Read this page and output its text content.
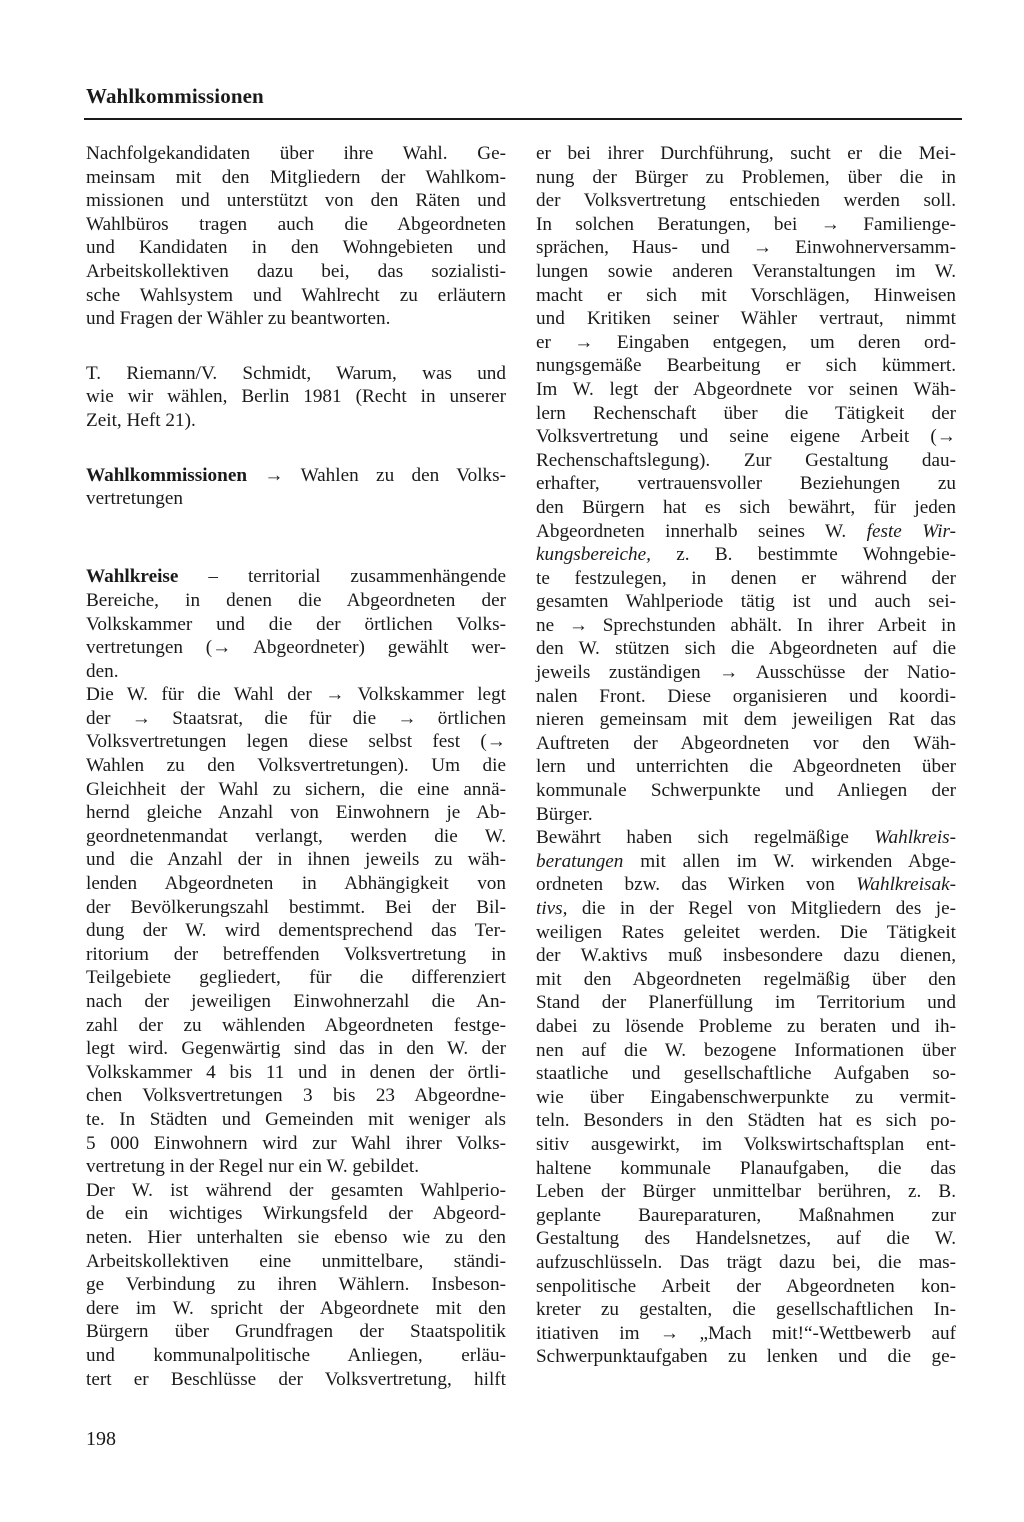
Wahlkommissionen

Nachfolgekandidaten über ihre Wahl. Ge-
meinsam mit den Mitgliedern der Wahlkom-
missionen und unterstützt von den Räten und
Wahlbüros tragen auch die Abgeordneten
und Kandidaten in den Wohngebieten und
Arbeitskollektiven dazu bei, das sozialisti-
sche Wahlsystem und Wahlrecht zu erläutern
und Fragen der Wähler zu beantworten.

T. Riemann/V. Schmidt, Warum, was und
wie wir wählen, Berlin 1981 (Recht in unserer
Zeit, Heft 21).

Wahlkommissionen → Wahlen zu den Volks-
vertretungen

Wahlkreise – territorial zusammenhängende
Bereiche, in denen die Abgeordneten der
Volkskammer und die der örtlichen Volks-
vertretungen (→ Abgeordneter) gewählt wer-
den.
Die W. für die Wahl der → Volkskammer legt
der → Staatsrat, die für die → örtlichen
Volksvertretungen legen diese selbst fest (→
Wahlen zu den Volksvertretungen). Um die
Gleichheit der Wahl zu sichern, die eine annä-
hernd gleiche Anzahl von Einwohnern je Ab-
geordnetenmandat verlangt, werden die W.
und die Anzahl der in ihnen jeweils zu wäh-
lenden Abgeordneten in Abhängigkeit von
der Bevölkerungszahl bestimmt. Bei der Bil-
dung der W. wird dementsprechend das Ter-
ritorium der betreffenden Volksvertretung in
Teilgebiete gegliedert, für die differenziert
nach der jeweiligen Einwohnerzahl die An-
zahl der zu wählenden Abgeordneten festge-
legt wird. Gegenwärtig sind das in den W. der
Volkskammer 4 bis 11 und in denen der örtli-
chen Volksvertretungen 3 bis 23 Abgeordne-
te. In Städten und Gemeinden mit weniger als
5 000 Einwohnern wird zur Wahl ihrer Volks-
vertretung in der Regel nur ein W. gebildet.
Der W. ist während der gesamten Wahlperio-
de ein wichtiges Wirkungsfeld der Abgeord-
neten. Hier unterhalten sie ebenso wie zu den
Arbeitskollektiven eine unmittelbare, ständi-
ge Verbindung zu ihren Wählern. Insbeson-
dere im W. spricht der Abgeordnete mit den
Bürgern über Grundfragen der Staatspolitik
und kommunalpolitische Anliegen, erläu-
tert er Beschlüsse der Volksvertretung, hilft

er bei ihrer Durchführung, sucht er die Mei-
nung der Bürger zu Problemen, über die in
der Volksvertretung entschieden werden soll.
In solchen Beratungen, bei → Familienge-
sprächen, Haus- und → Einwohnerversamm-
lungen sowie anderen Veranstaltungen im W.
macht er sich mit Vorschlägen, Hinweisen
und Kritiken seiner Wähler vertraut, nimmt
er → Eingaben entgegen, um deren ord-
nungsgemäße Bearbeitung er sich kümmert.
Im W. legt der Abgeordnete vor seinen Wäh-
lern Rechenschaft über die Tätigkeit der
Volksvertretung und seine eigene Arbeit (→
Rechenschaftslegung). Zur Gestaltung dau-
erhafter, vertrauensvoller Beziehungen zu
den Bürgern hat es sich bewährt, für jeden
Abgeordneten innerhalb seines W. feste Wir-
kungsbereiche, z. B. bestimmte Wohngebie-
te festzulegen, in denen er während der
gesamten Wahlperiode tätig ist und auch sei-
ne → Sprechstunden abhält. In ihrer Arbeit in
den W. stützen sich die Abgeordneten auf die
jeweils zuständigen → Ausschüsse der Natio-
nalen Front. Diese organisieren und koordi-
nieren gemeinsam mit dem jeweiligen Rat das
Auftreten der Abgeordneten vor den Wäh-
lern und unterrichten die Abgeordneten über
kommunale Schwerpunkte und Anliegen der
Bürger.
Bewährt haben sich regelmäßige Wahlkreis-
beratungen mit allen im W. wirkenden Abge-
ordneten bzw. das Wirken von Wahlkreisak-
tivs, die in der Regel von Mitgliedern des je-
weiligen Rates geleitet werden. Die Tätigkeit
der W.aktivs muß insbesondere dazu dienen,
mit den Abgeordneten regelmäßig über den
Stand der Planerfüllung im Territorium und
dabei zu lösende Probleme zu beraten und ih-
nen auf die W. bezogene Informationen über
staatliche und gesellschaftliche Aufgaben so-
wie über Eingabenschwerpunkte zu vermit-
teln. Besonders in den Städten hat es sich po-
sitiv ausgewirkt, im Volkswirtschaftsplan ent-
haltene kommunale Planaufgaben, die das
Leben der Bürger unmittelbar berühren, z. B.
geplante Baureparaturen, Maßnahmen zur
Gestaltung des Handelsnetzes, auf die W.
aufzuschlüsseln. Das trägt dazu bei, die mas-
senpolitische Arbeit der Abgeordneten kon-
kreter zu gestalten, die gesellschaftlichen In-
itiativen im → „Mach mit!“-Wettbewerb auf
Schwerpunktaufgaben zu lenken und die ge-

198
